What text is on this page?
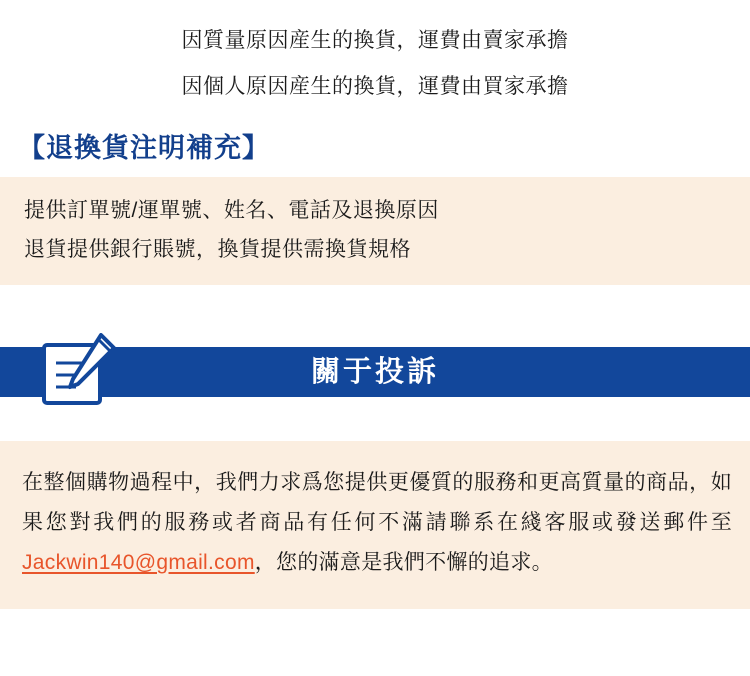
因質量原因産生的換貨，運費由賣家承擔
因個人原因産生的換貨，運費由買家承擔
【退換貨注明補充】
提供訂單號/運單號、姓名、電話及退換原因
退貨提供銀行賬號，換貨提供需換貨規格
關于投訴
在整個購物過程中，我們力求爲您提供更優質的服務和更高質量的商品，如果您對我們的服務或者商品有任何不滿請聯系在綫客服或發送郵件至Jackwin140@gmail.com，您的滿意是我們不懈的追求。
